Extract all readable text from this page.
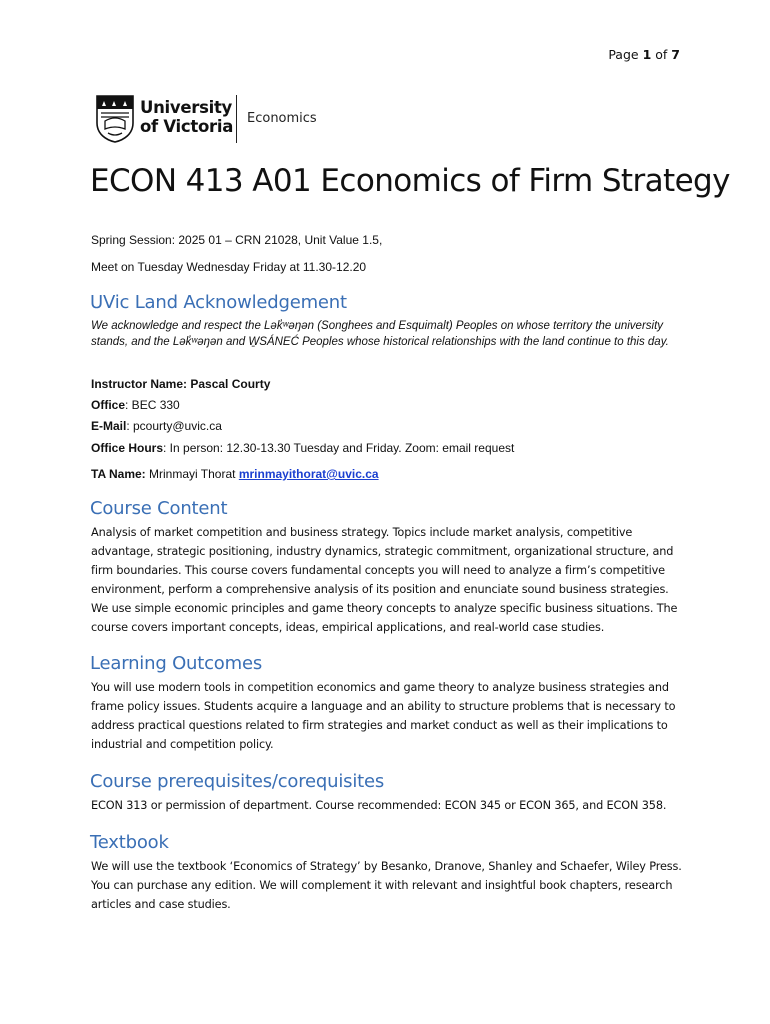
Page 1 of 7
University
of Victoria Economics
ECON 413 A01 Economics of Firm Strategy
Spring Session: 2025 01 – CRN 21028, Unit Value 1.5,
Meet on Tuesday Wednesday Friday at 11.30-12.20
UVic Land Acknowledgement
We acknowledge and respect the Lək̓ʷəŋən (Songhees and Esquimalt) Peoples on whose territory the university stands, and the Lək̓ʷəŋən and W̱SÁNEĆ Peoples whose historical relationships with the land continue to this day.
Instructor Name: Pascal Courty
Office: BEC 330
E-Mail: pcourty@uvic.ca
Office Hours: In person: 12.30-13.30 Tuesday and Friday. Zoom: email request
TA Name: Mrinmayi Thorat mrinmayithorat@uvic.ca
Course Content
Analysis of market competition and business strategy. Topics include market analysis, competitive advantage, strategic positioning, industry dynamics, strategic commitment, organizational structure, and firm boundaries. This course covers fundamental concepts you will need to analyze a firm’s competitive environment, perform a comprehensive analysis of its position and enunciate sound business strategies. We use simple economic principles and game theory concepts to analyze specific business situations. The course covers important concepts, ideas, empirical applications, and real-world case studies.
Learning Outcomes
You will use modern tools in competition economics and game theory to analyze business strategies and frame policy issues. Students acquire a language and an ability to structure problems that is necessary to address practical questions related to firm strategies and market conduct as well as their implications to industrial and competition policy.
Course prerequisites/corequisites
ECON 313 or permission of department. Course recommended: ECON 345 or ECON 365, and ECON 358.
Textbook
We will use the textbook ‘Economics of Strategy’ by Besanko, Dranove, Shanley and Schaefer, Wiley Press. You can purchase any edition. We will complement it with relevant and insightful book chapters, research articles and case studies.
